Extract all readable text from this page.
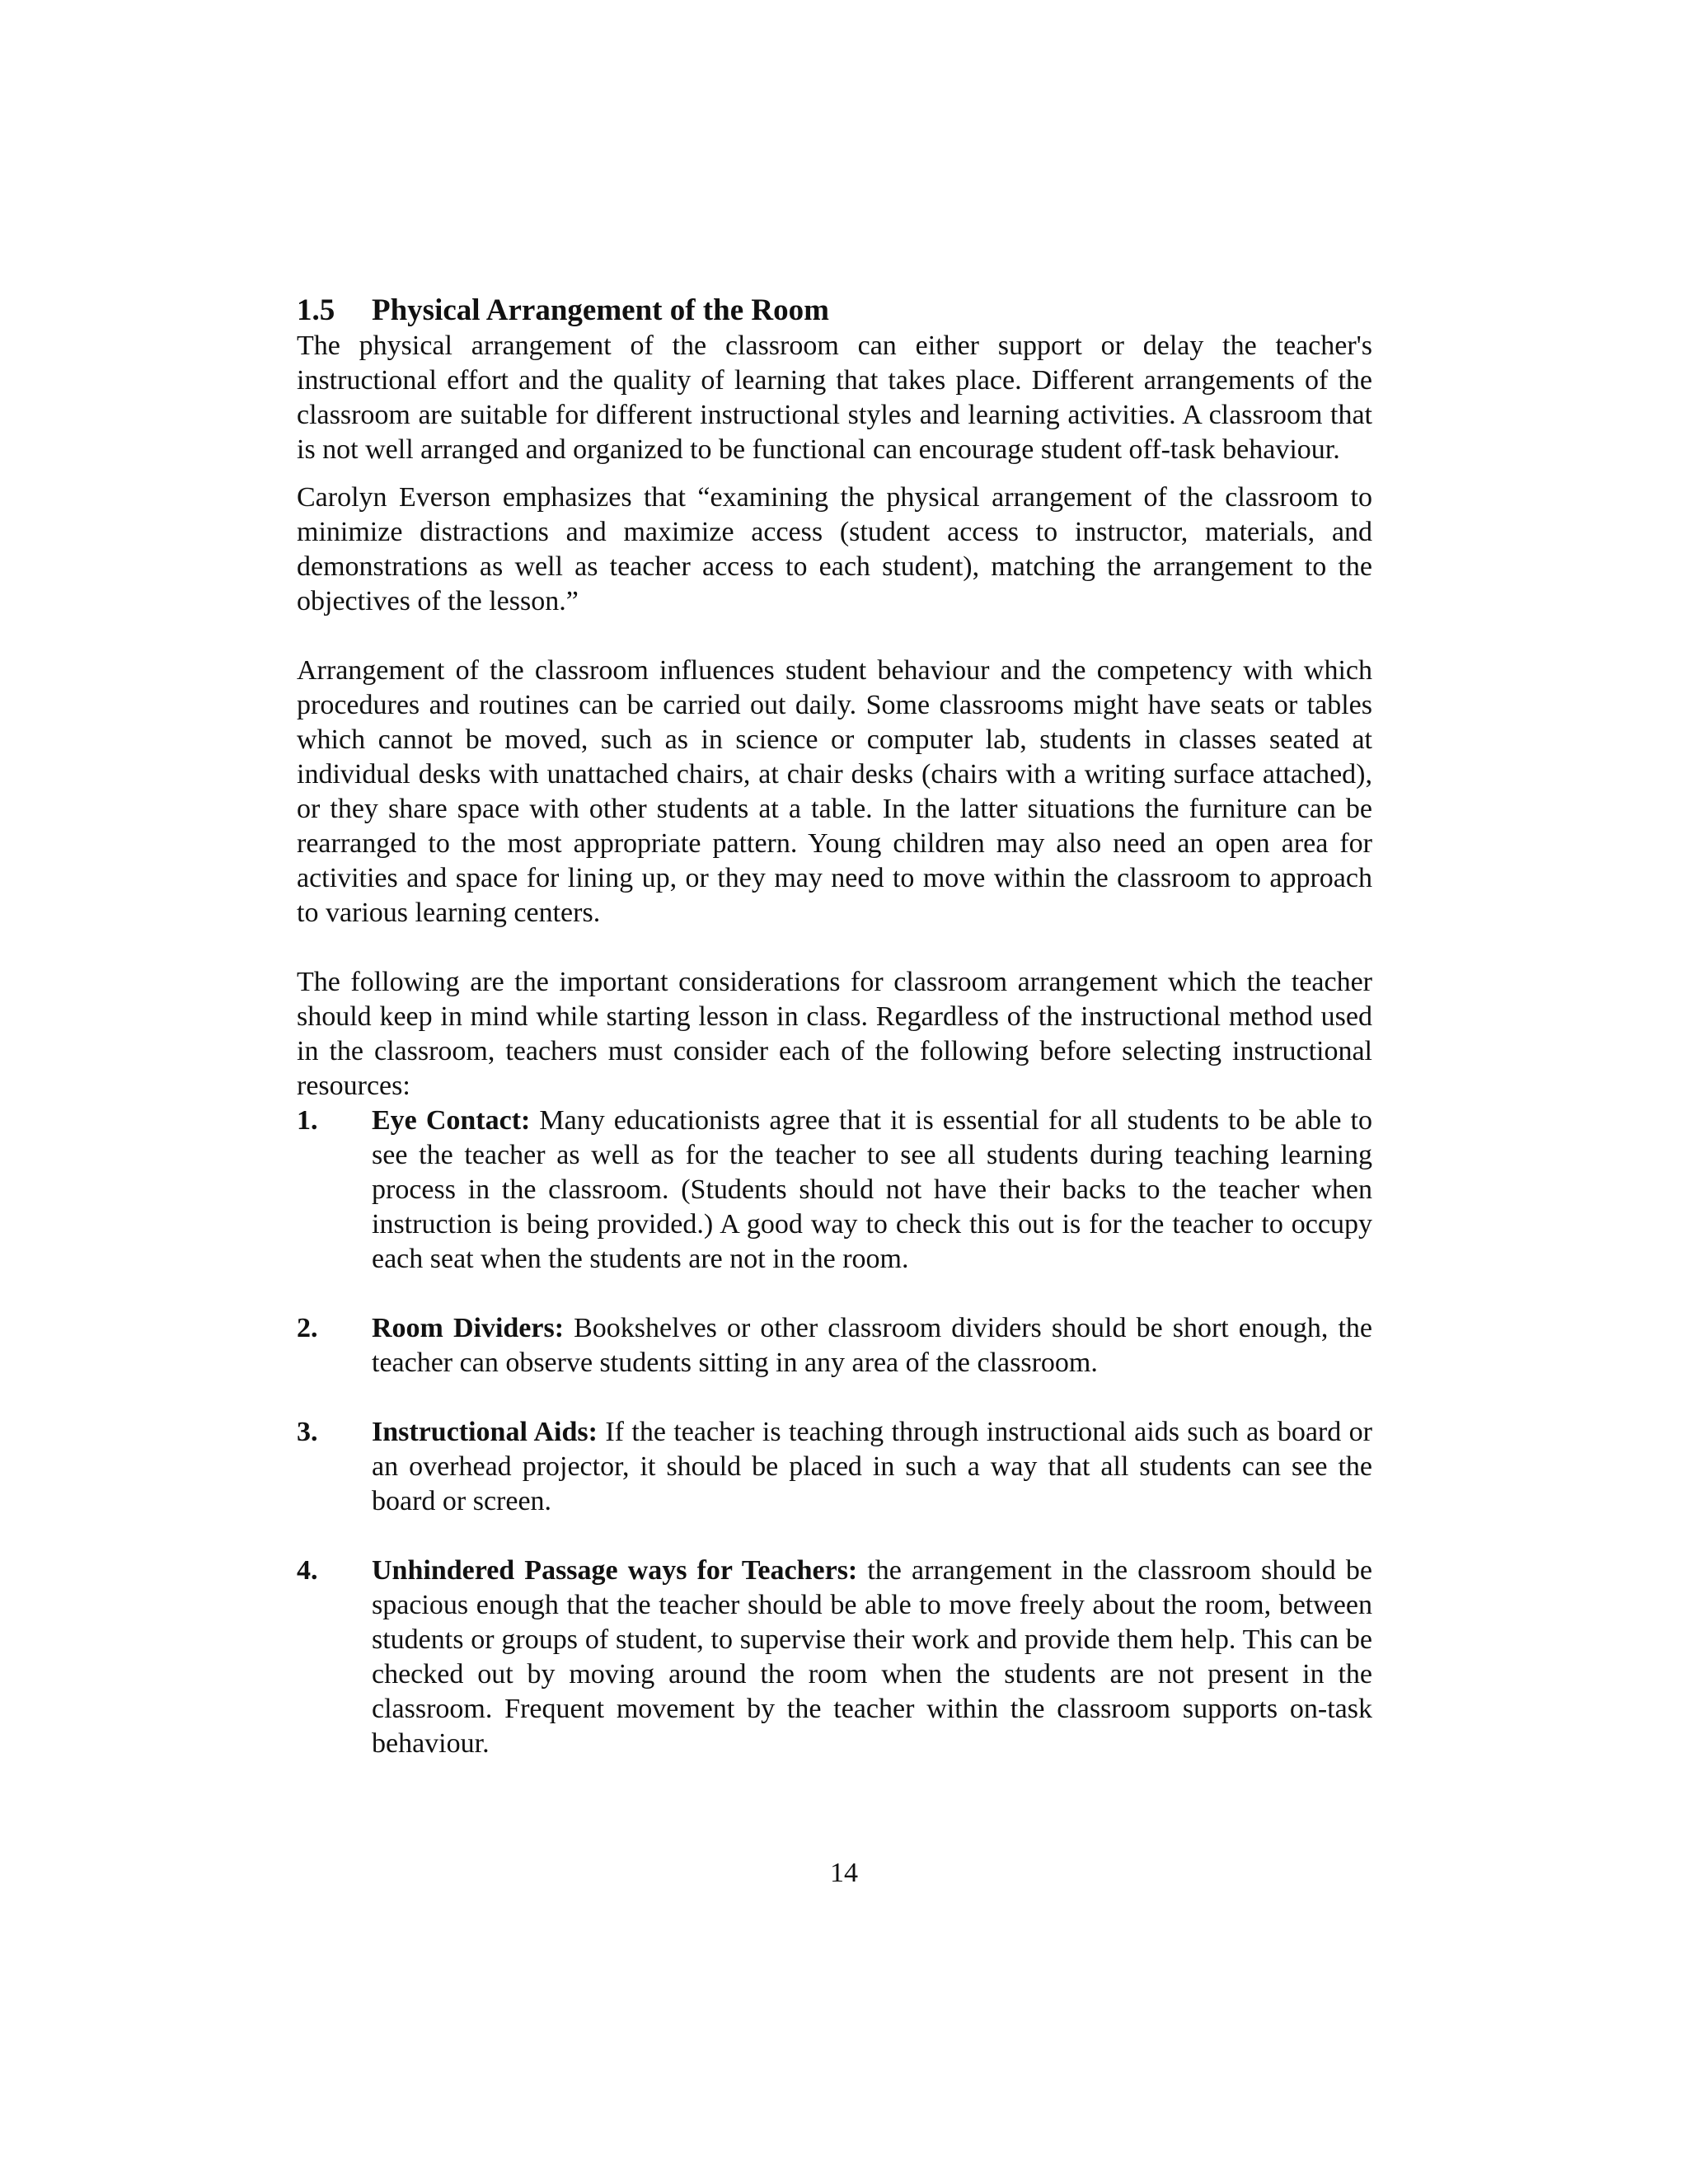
1.5 Physical Arrangement of the Room

The physical arrangement of the classroom can either support or delay the teacher's instructional effort and the quality of learning that takes place. Different arrangements of the classroom are suitable for different instructional styles and learning activities. A classroom that is not well arranged and organized to be functional can encourage student off-task behaviour.

Carolyn Everson emphasizes that “examining the physical arrangement of the classroom to minimize distractions and maximize access (student access to instructor, materials, and demonstrations as well as teacher access to each student), matching the arrangement to the objectives of the lesson.”

Arrangement of the classroom influences student behaviour and the competency with which procedures and routines can be carried out daily. Some classrooms might have seats or tables which cannot be moved, such as in science or computer lab, students in classes seated at individual desks with unattached chairs, at chair desks (chairs with a writing surface attached), or they share space with other students at a table. In the latter situations the furniture can be rearranged to the most appropriate pattern. Young children may also need an open area for activities and space for lining up, or they may need to move within the classroom to approach to various learning centers.

The following are the important considerations for classroom arrangement which the teacher should keep in mind while starting lesson in class. Regardless of the instructional method used in the classroom, teachers must consider each of the following before selecting instructional resources:

1. Eye Contact: Many educationists agree that it is essential for all students to be able to see the teacher as well as for the teacher to see all students during teaching learning process in the classroom. (Students should not have their backs to the teacher when instruction is being provided.) A good way to check this out is for the teacher to occupy each seat when the students are not in the room.
2. Room Dividers: Bookshelves or other classroom dividers should be short enough, the teacher can observe students sitting in any area of the classroom.
3. Instructional Aids: If the teacher is teaching through instructional aids such as board or an overhead projector, it should be placed in such a way that all students can see the board or screen.
4. Unhindered Passage ways for Teachers: the arrangement in the classroom should be spacious enough that the teacher should be able to move freely about the room, between students or groups of student, to supervise their work and provide them help. This can be checked out by moving around the room when the students are not present in the classroom. Frequent movement by the teacher within the classroom supports on-task behaviour.
14
